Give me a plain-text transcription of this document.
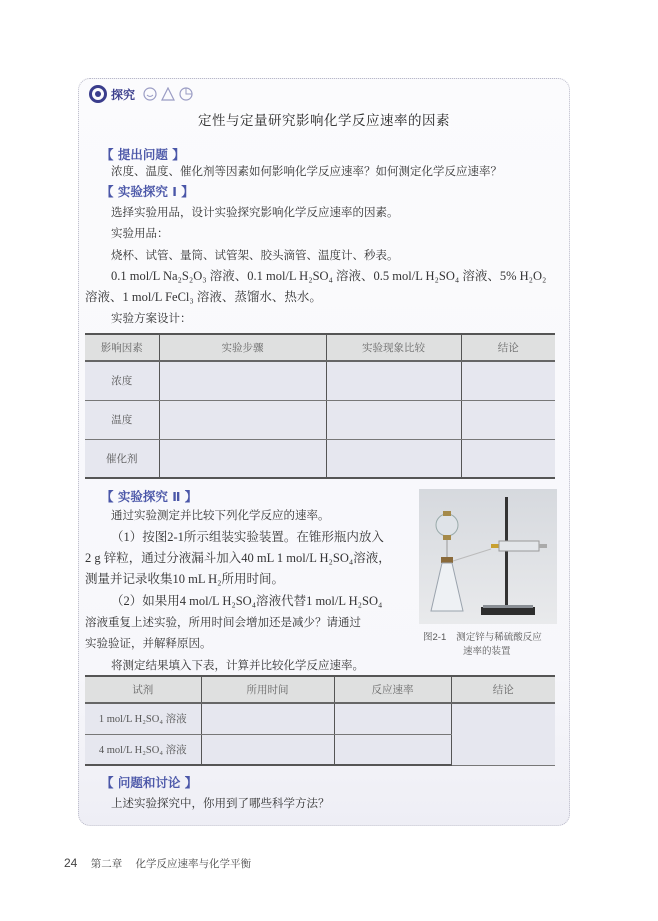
探究
定性与定量研究影响化学反应速率的因素
【 提出问题 】
浓度、温度、催化剂等因素如何影响化学反应速率？如何测定化学反应速率？
【 实验探究 Ⅰ 】
选择实验用品，设计实验探究影响化学反应速率的因素。
实验用品：
烧杯、试管、量筒、试管架、胶头滴管、温度计、秒表。
0.1 mol/L Na₂S₂O₃ 溶液、0.1 mol/L H₂SO₄ 溶液、0.5 mol/L H₂SO₄ 溶液、5% H₂O₂
溶液、1 mol/L FeCl₃ 溶液、蒸馏水、热水。
实验方案设计：
影响因素	实验步骤	实验现象比较	结论
浓度			
温度			
催化剂			
【 实验探究 Ⅱ 】
通过实验测定并比较下列化学反应的速率。
（1）按图2-1所示组装实验装置。在锥形瓶内放入
2 g 锌粒，通过分液漏斗加入40 mL 1 mol/L H₂SO₄溶液，
测量并记录收集10 mL H₂所用时间。
（2）如果用4 mol/L H₂SO₄溶液代替1 mol/L H₂SO₄
溶液重复上述实验，所用时间会增加还是减少？请通过
实验验证，并解释原因。
将测定结果填入下表，计算并比较化学反应速率。
图2-1 测定锌与稀硫酸反应
速率的装置
试剂	所用时间	反应速率	结论
1 mol/L H₂SO₄ 溶液			
4 mol/L H₂SO₄ 溶液			
【 问题和讨论 】
上述实验探究中，你用到了哪些科学方法？
24 第二章 化学反应速率与化学平衡
